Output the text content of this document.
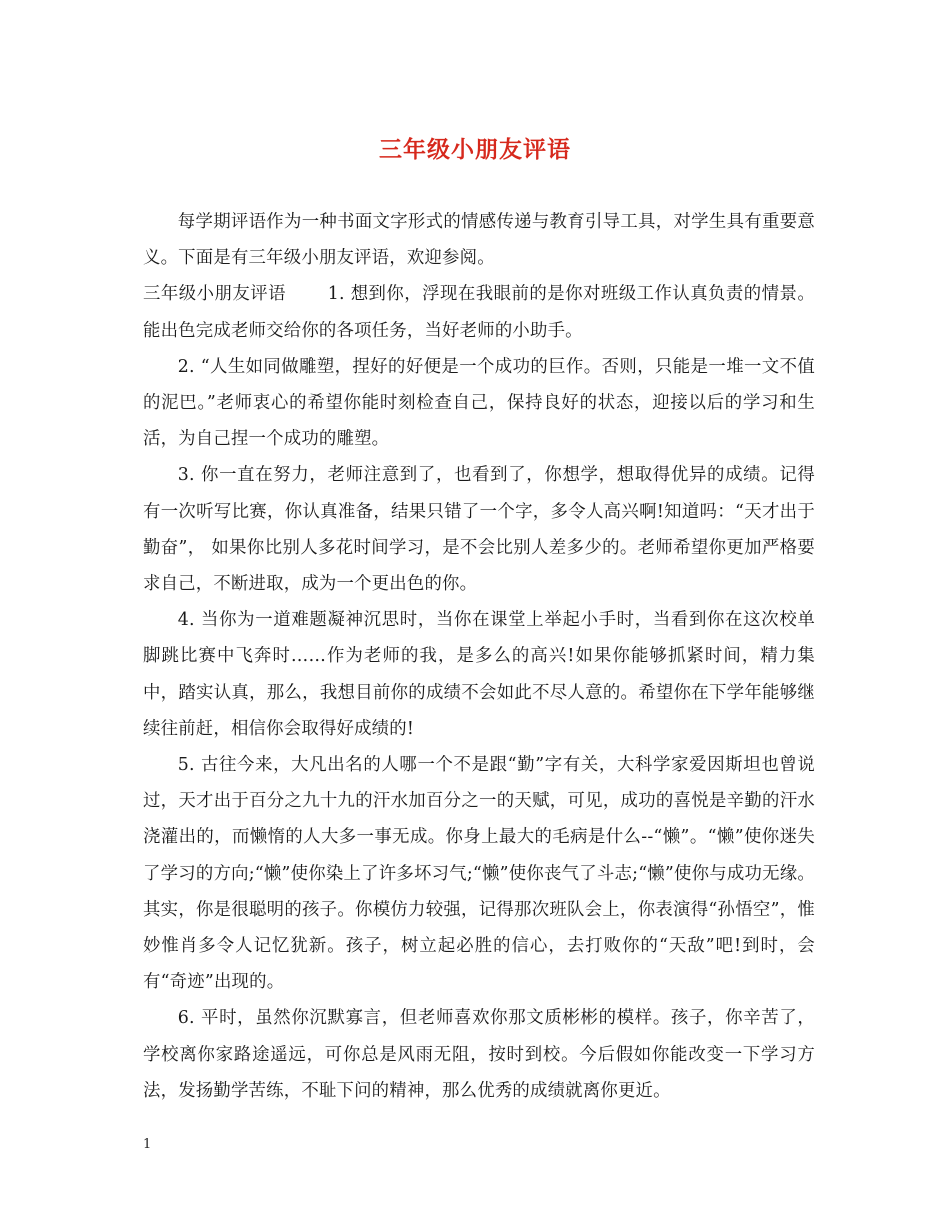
三年级小朋友评语

每学期评语作为一种书面文字形式的情感传递与教育引导工具，对学生具有重要意义。下面是有三年级小朋友评语，欢迎参阅。

三年级小朋友评语　　 1. 想到你，浮现在我眼前的是你对班级工作认真负责的情景。能出色完成老师交给你的各项任务，当好老师的小助手。

2. “人生如同做雕塑，捏好的好便是一个成功的巨作。否则，只能是一堆一文不值的泥巴。”老师衷心的希望你能时刻检查自己，保持良好的状态，迎接以后的学习和生活，为自己捏一个成功的雕塑。

3. 你一直在努力，老师注意到了，也看到了，你想学，想取得优异的成绩。记得有一次听写比赛，你认真准备，结果只错了一个字，多令人高兴啊!知道吗：“天才出于勤奋”， 如果你比别人多花时间学习，是不会比别人差多少的。老师希望你更加严格要求自己，不断进取，成为一个更出色的你。

4. 当你为一道难题凝神沉思时，当你在课堂上举起小手时，当看到你在这次校单脚跳比赛中飞奔时……作为老师的我，是多么的高兴!如果你能够抓紧时间，精力集中，踏实认真，那么，我想目前你的成绩不会如此不尽人意的。希望你在下学年能够继续往前赶，相信你会取得好成绩的!

5. 古往今来，大凡出名的人哪一个不是跟“勤”字有关，大科学家爱因斯坦也曾说过，天才出于百分之九十九的汗水加百分之一的天赋，可见，成功的喜悦是辛勤的汗水浇灌出的，而懒惰的人大多一事无成。你身上最大的毛病是什么--“懒”。“懒”使你迷失了学习的方向;“懒”使你染上了许多坏习气;“懒”使你丧气了斗志;“懒”使你与成功无缘。其实，你是很聪明的孩子。你模仿力较强，记得那次班队会上，你表演得“孙悟空”，惟妙惟肖多令人记忆犹新。孩子，树立起必胜的信心，去打败你的“天敌”吧!到时，会有“奇迹”出现的。

6. 平时，虽然你沉默寡言，但老师喜欢你那文质彬彬的模样。孩子，你辛苦了，学校离你家路途遥远，可你总是风雨无阻，按时到校。今后假如你能改变一下学习方法，发扬勤学苦练，不耻下问的精神，那么优秀的成绩就离你更近。

1
